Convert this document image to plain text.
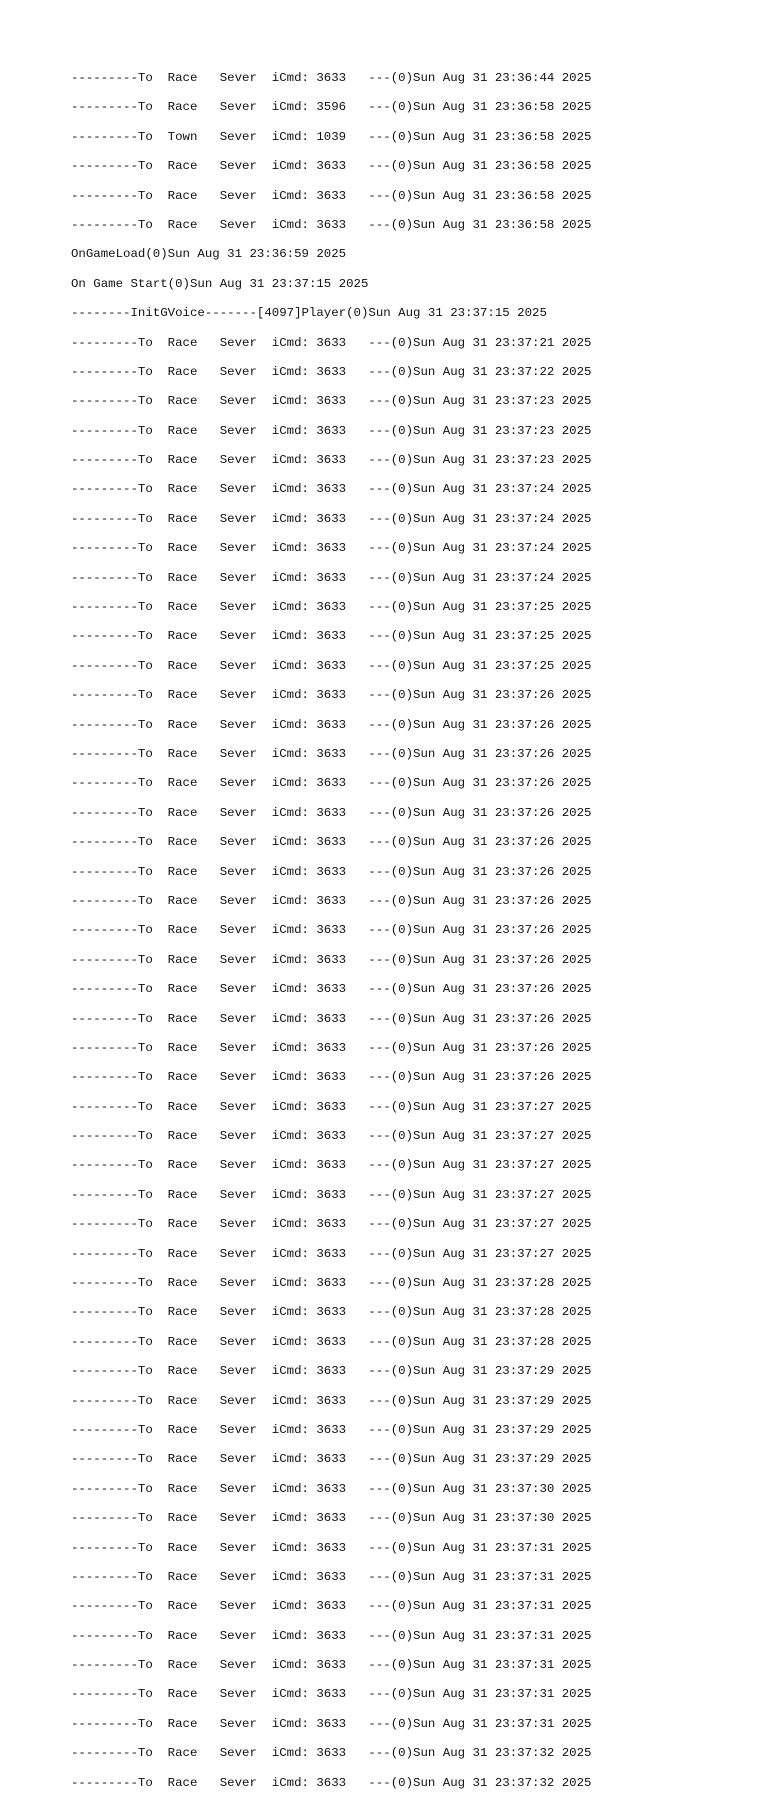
---------To  Race   Sever  iCmd: 3633   ---(0)Sun Aug 31 23:36:44 2025

---------To  Race   Sever  iCmd: 3596   ---(0)Sun Aug 31 23:36:58 2025

---------To  Town   Sever  iCmd: 1039   ---(0)Sun Aug 31 23:36:58 2025

---------To  Race   Sever  iCmd: 3633   ---(0)Sun Aug 31 23:36:58 2025

---------To  Race   Sever  iCmd: 3633   ---(0)Sun Aug 31 23:36:58 2025

---------To  Race   Sever  iCmd: 3633   ---(0)Sun Aug 31 23:36:58 2025

OnGameLoad(0)Sun Aug 31 23:36:59 2025

On Game Start(0)Sun Aug 31 23:37:15 2025

--------InitGVoice-------[4097]Player(0)Sun Aug 31 23:37:15 2025

---------To  Race   Sever  iCmd: 3633   ---(0)Sun Aug 31 23:37:21 2025

---------To  Race   Sever  iCmd: 3633   ---(0)Sun Aug 31 23:37:22 2025

---------To  Race   Sever  iCmd: 3633   ---(0)Sun Aug 31 23:37:23 2025

---------To  Race   Sever  iCmd: 3633   ---(0)Sun Aug 31 23:37:23 2025

---------To  Race   Sever  iCmd: 3633   ---(0)Sun Aug 31 23:37:23 2025

---------To  Race   Sever  iCmd: 3633   ---(0)Sun Aug 31 23:37:24 2025

---------To  Race   Sever  iCmd: 3633   ---(0)Sun Aug 31 23:37:24 2025

---------To  Race   Sever  iCmd: 3633   ---(0)Sun Aug 31 23:37:24 2025

---------To  Race   Sever  iCmd: 3633   ---(0)Sun Aug 31 23:37:24 2025

---------To  Race   Sever  iCmd: 3633   ---(0)Sun Aug 31 23:37:25 2025

---------To  Race   Sever  iCmd: 3633   ---(0)Sun Aug 31 23:37:25 2025

---------To  Race   Sever  iCmd: 3633   ---(0)Sun Aug 31 23:37:25 2025

---------To  Race   Sever  iCmd: 3633   ---(0)Sun Aug 31 23:37:26 2025

---------To  Race   Sever  iCmd: 3633   ---(0)Sun Aug 31 23:37:26 2025

---------To  Race   Sever  iCmd: 3633   ---(0)Sun Aug 31 23:37:26 2025

---------To  Race   Sever  iCmd: 3633   ---(0)Sun Aug 31 23:37:26 2025

---------To  Race   Sever  iCmd: 3633   ---(0)Sun Aug 31 23:37:26 2025

---------To  Race   Sever  iCmd: 3633   ---(0)Sun Aug 31 23:37:26 2025

---------To  Race   Sever  iCmd: 3633   ---(0)Sun Aug 31 23:37:26 2025

---------To  Race   Sever  iCmd: 3633   ---(0)Sun Aug 31 23:37:26 2025

---------To  Race   Sever  iCmd: 3633   ---(0)Sun Aug 31 23:37:26 2025

---------To  Race   Sever  iCmd: 3633   ---(0)Sun Aug 31 23:37:26 2025

---------To  Race   Sever  iCmd: 3633   ---(0)Sun Aug 31 23:37:26 2025

---------To  Race   Sever  iCmd: 3633   ---(0)Sun Aug 31 23:37:26 2025

---------To  Race   Sever  iCmd: 3633   ---(0)Sun Aug 31 23:37:26 2025

---------To  Race   Sever  iCmd: 3633   ---(0)Sun Aug 31 23:37:26 2025

---------To  Race   Sever  iCmd: 3633   ---(0)Sun Aug 31 23:37:27 2025

---------To  Race   Sever  iCmd: 3633   ---(0)Sun Aug 31 23:37:27 2025

---------To  Race   Sever  iCmd: 3633   ---(0)Sun Aug 31 23:37:27 2025

---------To  Race   Sever  iCmd: 3633   ---(0)Sun Aug 31 23:37:27 2025

---------To  Race   Sever  iCmd: 3633   ---(0)Sun Aug 31 23:37:27 2025

---------To  Race   Sever  iCmd: 3633   ---(0)Sun Aug 31 23:37:27 2025

---------To  Race   Sever  iCmd: 3633   ---(0)Sun Aug 31 23:37:28 2025

---------To  Race   Sever  iCmd: 3633   ---(0)Sun Aug 31 23:37:28 2025

---------To  Race   Sever  iCmd: 3633   ---(0)Sun Aug 31 23:37:28 2025

---------To  Race   Sever  iCmd: 3633   ---(0)Sun Aug 31 23:37:29 2025

---------To  Race   Sever  iCmd: 3633   ---(0)Sun Aug 31 23:37:29 2025

---------To  Race   Sever  iCmd: 3633   ---(0)Sun Aug 31 23:37:29 2025

---------To  Race   Sever  iCmd: 3633   ---(0)Sun Aug 31 23:37:29 2025

---------To  Race   Sever  iCmd: 3633   ---(0)Sun Aug 31 23:37:30 2025

---------To  Race   Sever  iCmd: 3633   ---(0)Sun Aug 31 23:37:30 2025

---------To  Race   Sever  iCmd: 3633   ---(0)Sun Aug 31 23:37:31 2025

---------To  Race   Sever  iCmd: 3633   ---(0)Sun Aug 31 23:37:31 2025

---------To  Race   Sever  iCmd: 3633   ---(0)Sun Aug 31 23:37:31 2025

---------To  Race   Sever  iCmd: 3633   ---(0)Sun Aug 31 23:37:31 2025

---------To  Race   Sever  iCmd: 3633   ---(0)Sun Aug 31 23:37:31 2025

---------To  Race   Sever  iCmd: 3633   ---(0)Sun Aug 31 23:37:31 2025

---------To  Race   Sever  iCmd: 3633   ---(0)Sun Aug 31 23:37:31 2025

---------To  Race   Sever  iCmd: 3633   ---(0)Sun Aug 31 23:37:32 2025

---------To  Race   Sever  iCmd: 3633   ---(0)Sun Aug 31 23:37:32 2025
